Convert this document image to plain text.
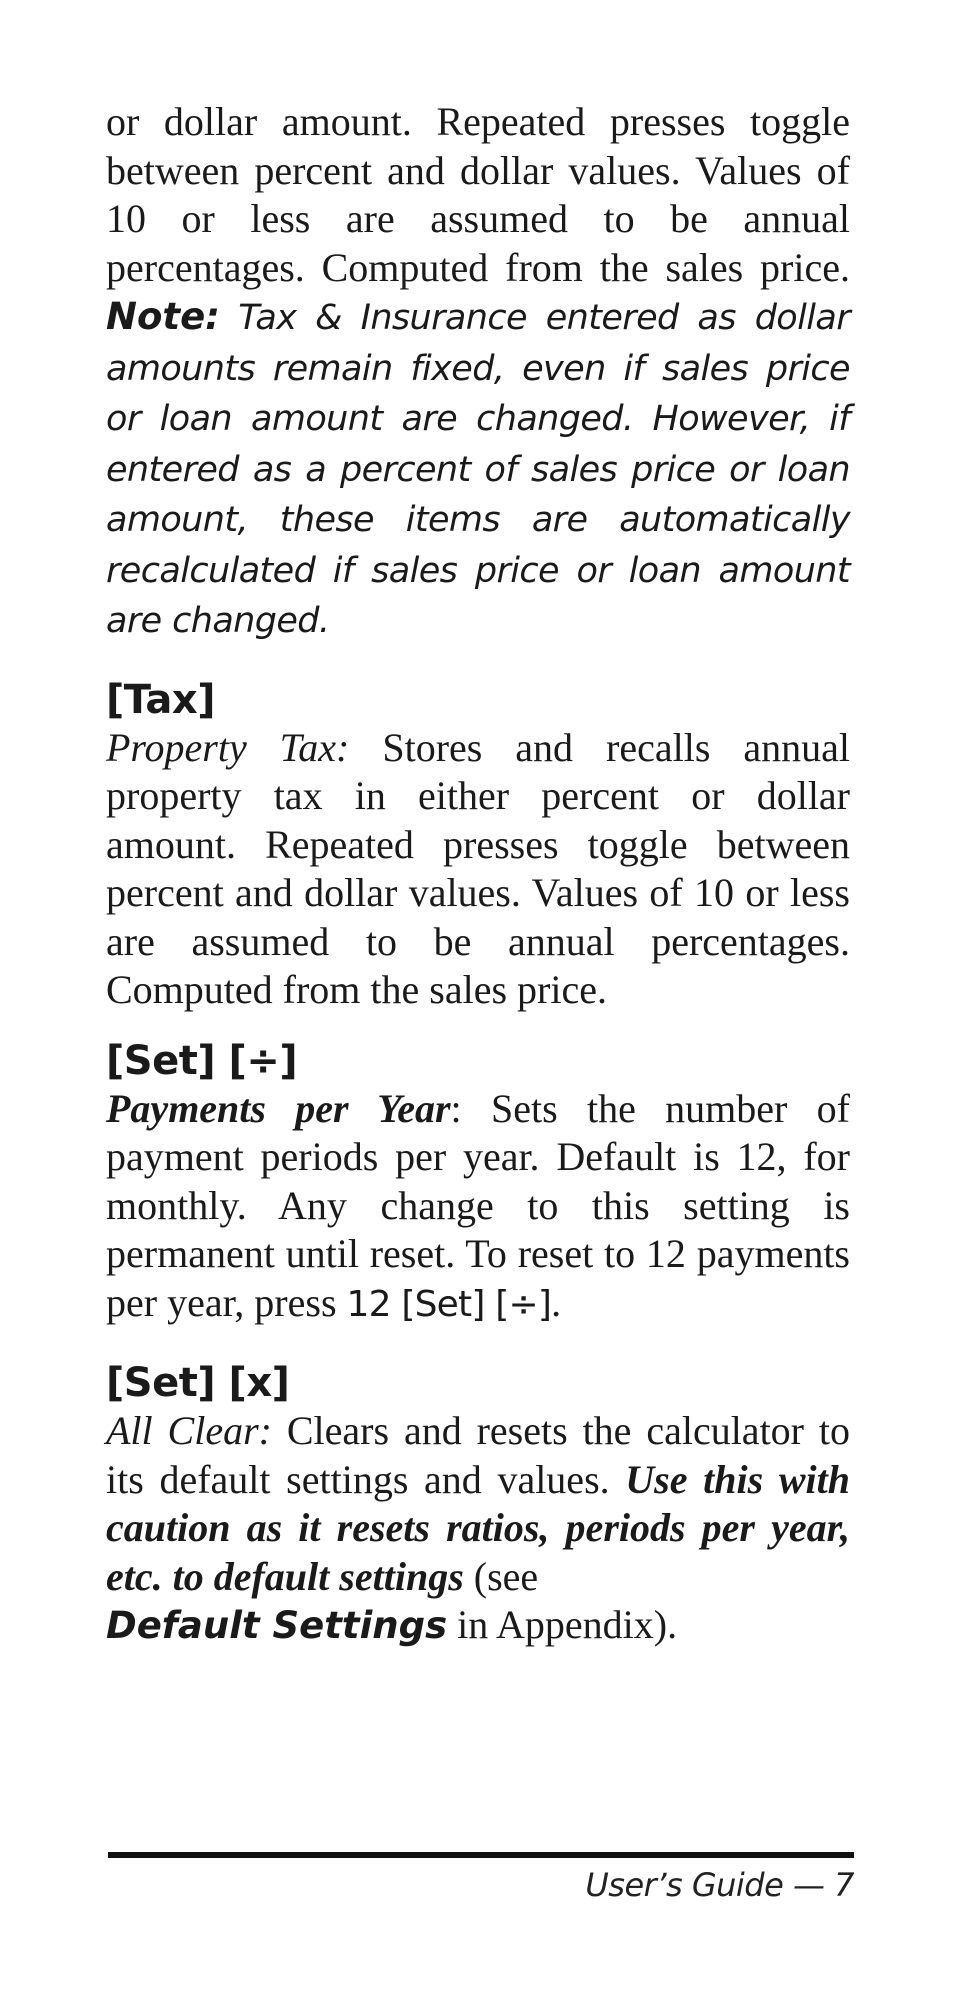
or dollar amount. Repeated presses toggle between percent and dollar values. Values of 10 or less are assumed to be annual percentages. Computed from the sales price. Note: Tax & Insurance entered as dollar amounts remain fixed, even if sales price or loan amount are changed. However, if entered as a percent of sales price or loan amount, these items are automatically recalculated if sales price or loan amount are changed.

[Tax]

Property Tax: Stores and recalls annual property tax in either percent or dollar amount. Repeated presses toggle between percent and dollar values. Values of 10 or less are assumed to be annual percentages. Computed from the sales price.

[Set] [÷]

Payments per Year: Sets the number of payment periods per year. Default is 12, for monthly. Any change to this setting is permanent until reset. To reset to 12 payments per year, press 12 [Set] [÷].

[Set] [x]

All Clear: Clears and resets the calculator to its default settings and values. Use this with caution as it resets ratios, periods per year, etc. to default settings (see
Default Settings in Appendix).

User’s Guide — 7
